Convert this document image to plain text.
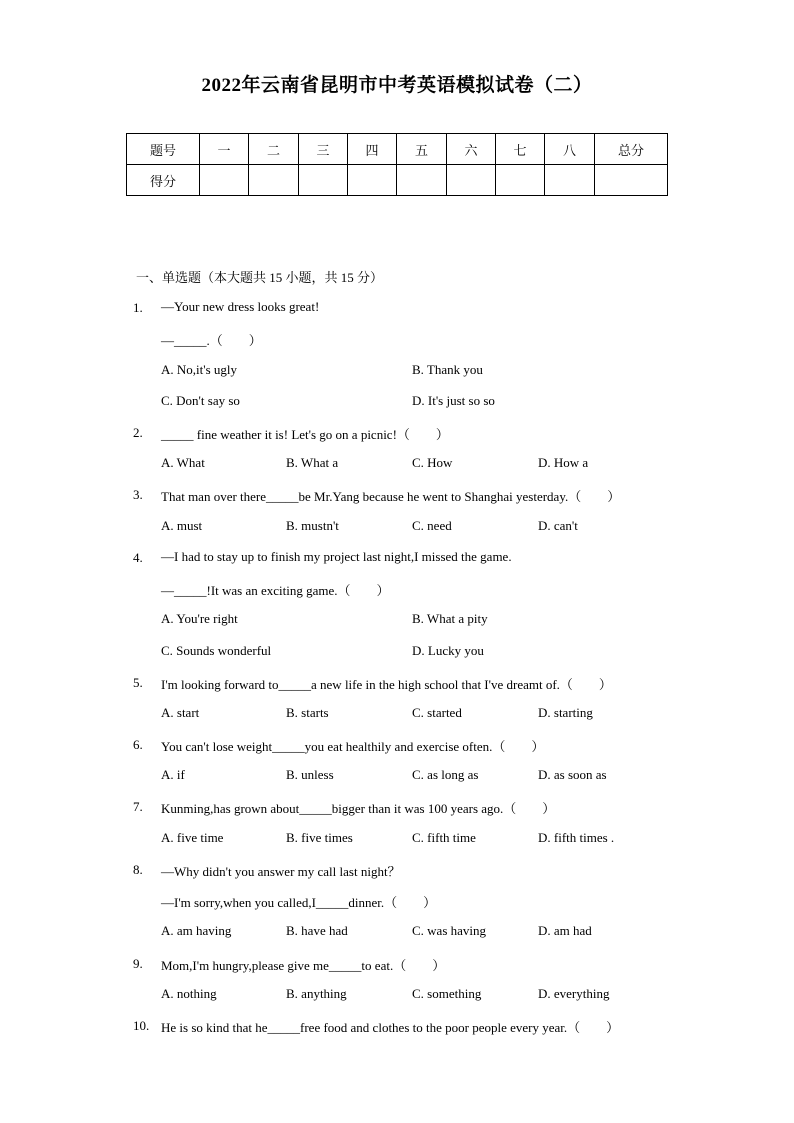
2022年云南省昆明市中考英语模拟试卷（二）
题号	一	二	三	四	五	六	七	八	总分
得分									
一、单选题（本大题共 15 小题，共 15 分）
1. —Your new dress looks great!
—_____.（　　）
A. No,it's ugly	B. Thank you
C. Don't say so	D. It's just so so
2. _____ fine weather it is! Let's go on a picnic!（　　）
A. What	B. What a	C. How	D. How a
3. That man over there_____be Mr.Yang because he went to Shanghai yesterday.（　　）
A. must	B. mustn't	C. need	D. can't
4. —I had to stay up to finish my project last night,I missed the game.
—_____!It was an exciting game.（　　）
A. You're right	B. What a pity
C. Sounds wonderful	D. Lucky you
5. I'm looking forward to_____a new life in the high school that I've dreamt of.（　　）
A. start	B. starts	C. started	D. starting
6. You can't lose weight_____you eat healthily and exercise often.（　　）
A. if	B. unless	C. as long as	D. as soon as
7. Kunming,has grown about_____bigger than it was 100 years ago.（　　）
A. five time	B. five times	C. fifth time	D. fifth times .
8. —Why didn't you answer my call last night？
—I'm sorry,when you called,I_____dinner.（　　）
A. am having	B. have had	C. was having	D. am had
9. Mom,I'm hungry,please give me_____to eat.（　　）
A. nothing	B. anything	C. something	D. everything
10. He is so kind that he_____free food and clothes to the poor people every year.（　　）
